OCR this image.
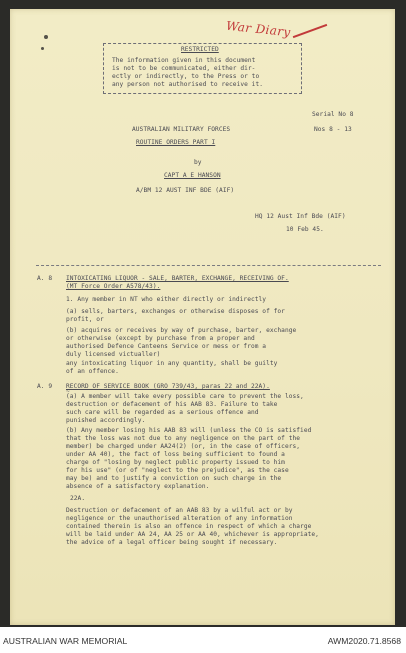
War Diary
RESTRICTED
The information given in this document
is not to be communicated, either dir-
ectly or indirectly, to the Press or to
any person not authorised to receive it.
Serial No 8
AUSTRALIAN MILITARY FORCES	Nos 8 - 13
ROUTINE ORDERS PART I
by
CAPT A E HANSON
A/BM 12 AUST INF BDE (AIF)
HQ 12 Aust Inf Bde (AIF)
10 Feb 45.
A. 8 INTOXICATING LIQUOR - SALE, BARTER, EXCHANGE, RECEIVING OF.
(MT Force Order A578/43).
1. Any member in NT who either directly or indirectly
(a) sells, barters, exchanges or otherwise disposes of for
profit, or
(b) acquires or receives by way of purchase, barter, exchange
or otherwise (except by purchase from a proper and
authorised Defence Canteens Service or mess or from a
duly licensed victualler)
any intoxicating liquor in any quantity, shall be guilty
of an offence.
A. 9 RECORD OF SERVICE BOOK (GRO 739/43, paras 22 and 22A).
~
(a) A member will take every possible care to prevent the loss,
destruction or defacement of his AAB 83. Failure to take
such care will be regarded as a serious offence and
punished accordingly.
(b) Any member losing his AAB 83 will (unless the CO is satisfied
that the loss was not due to any negligence on the part of the
member) be charged under AA24(2) (or, in the case of officers,
under AA 40), the fact of loss being sufficient to found a
charge of "losing by neglect public property issued to him
for his use" (or of "neglect to the prejudice", as the case
may be) and to justify a conviction on such charge in the
absence of a satisfactory explanation.
22A.
Destruction or defacement of an AAB 83 by a wilful act or by
negligence or the unauthorised alteration of any information
contained therein is also an offence in respect of which a charge
will be laid under AA 24, AA 25 or AA 40, whichever is appropriate,
the advice of a legal officer being sought if necessary.
AUSTRALIAN WAR MEMORIAL	AWM2020.71.8568
